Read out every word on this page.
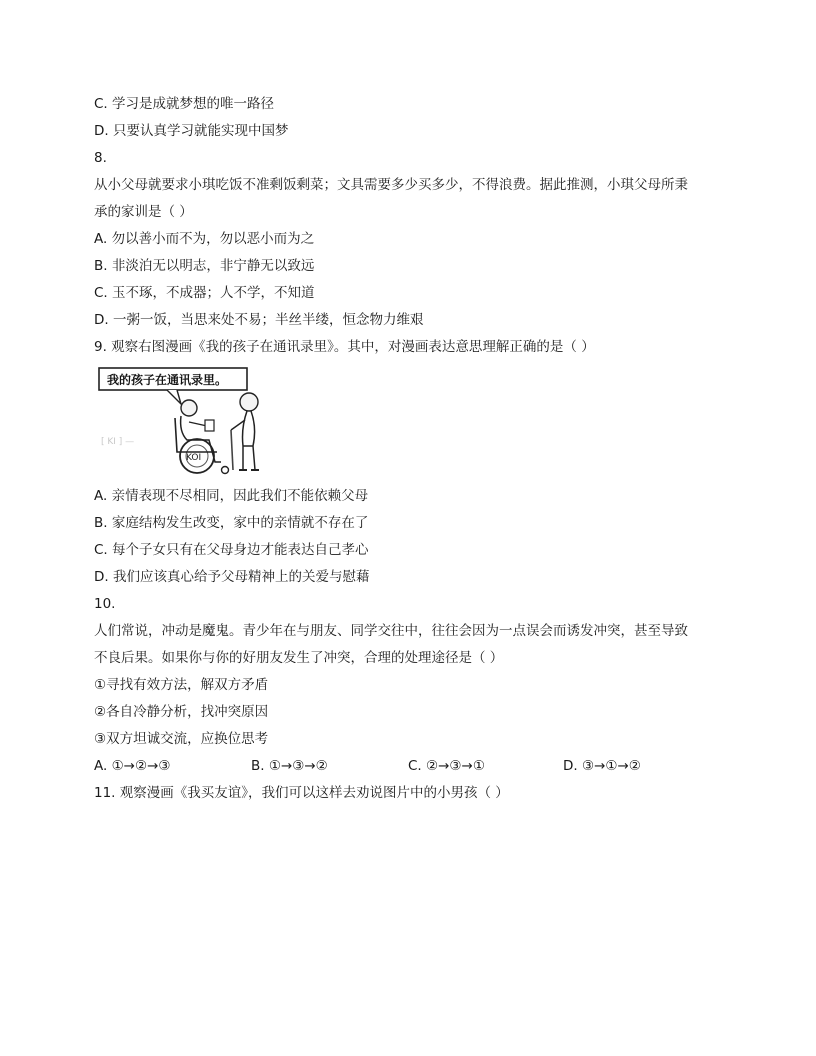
C. 学习是成就梦想的唯一路径
D. 只要认真学习就能实现中国梦
8.
从小父母就要求小琪吃饭不准剩饭剩菜；文具需要多少买多少，不得浪费。据此推测，小琪父母所秉
承的家训是（ ）
A. 勿以善小而不为，勿以恶小而为之
B. 非淡泊无以明志，非宁静无以致远
C. 玉不琢，不成器；人不学，不知道
D. 一粥一饭，当思来处不易；半丝半缕，恒念物力维艰
9. 观察右图漫画《我的孩子在通讯录里》。其中，对漫画表达意思理解正确的是（ ）
我的孩子在通讯录里。
[ KI ] —
KOI
A. 亲情表现不尽相同，因此我们不能依赖父母
B. 家庭结构发生改变，家中的亲情就不存在了
C. 每个子女只有在父母身边才能表达自己孝心
D. 我们应该真心给予父母精神上的关爱与慰藉
10.
人们常说，冲动是魔鬼。青少年在与朋友、同学交往中，往往会因为一点误会而诱发冲突，甚至导致
不良后果。如果你与你的好朋友发生了冲突，合理的处理途径是（ ）
①寻找有效方法，解双方矛盾
②各自冷静分析，找冲突原因
③双方坦诚交流，应换位思考
A. ①→②→③	B. ①→③→②	C. ②→③→①	D. ③→①→②
11. 观察漫画《我买友谊》，我们可以这样去劝说图片中的小男孩（ ）
